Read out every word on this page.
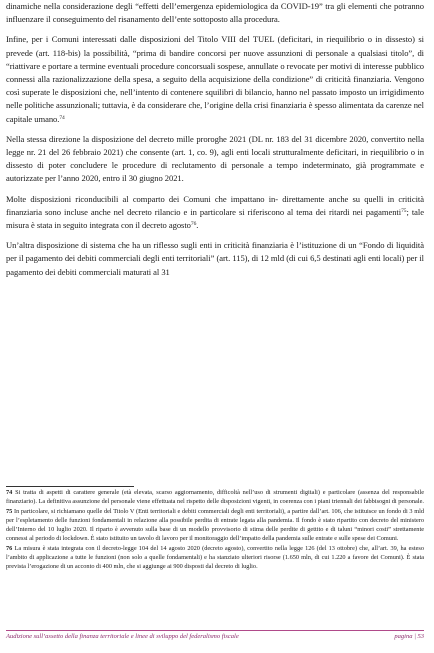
dinamiche nella considerazione degli “effetti dell’emergenza epidemiologica da COVID-19” tra gli elementi che potranno influenzare il conseguimento del risanamento dell’ente sottoposto alla procedura.

Infine, per i Comuni interessati dalle disposizioni del Titolo VIII del TUEL (deficitari, in riequilibrio o in dissesto) si prevede (art. 118-bis) la possibilità, “prima di bandire concorsi per nuove assunzioni di personale a qualsiasi titolo”, di “riattivare e portare a termine eventuali procedure concorsuali sospese, annullate o revocate per motivi di interesse pubblico connessi alla razionalizzazione della spesa, a seguito della acquisizione della condizione” di criticità finanziaria. Vengono così superate le disposizioni che, nell’intento di contenere squilibri di bilancio, hanno nel passato imposto un irrigidimento nelle politiche assunzionali; tuttavia, è da considerare che, l’origine della crisi finanziaria è spesso alimentata da carenze nel capitale umano.$^{74}$

Nella stessa direzione la disposizione del decreto mille proroghe 2021 (DL nr. 183 del 31 dicembre 2020, convertito nella legge nr. 21 del 26 febbraio 2021) che consente (art. 1, co. 9), agli enti locali strutturalmente deficitari, in riequilibrio o in dissesto di poter concludere le procedure di reclutamento di personale a tempo indeterminato, già programmate e autorizzate per l’anno 2020, entro il 30 giugno 2021.

Molte disposizioni riconducibili al comparto dei Comuni che impattano in- direttamente anche su quelli in criticità finanziaria sono incluse anche nel decreto rilancio e in particolare si riferiscono al tema dei ritardi nei pagamenti$^{75}$; tale misura è stata in seguito integrata con il decreto agosto$^{76}$.

Un’altra disposizione di sistema che ha un riflesso sugli enti in criticità finanziaria è l’istituzione di un “Fondo di liquidità per il pagamento dei debiti commerciali degli enti territoriali” (art. 115), di 12 mld (di cui 6,5 destinati agli enti locali) per il pagamento dei debiti commerciali maturati al 31

74 Si tratta di aspetti di carattere generale (età elevata, scarso aggiornamento, difficoltà nell’uso di strumenti digitali) e particolare (assenza del responsabile finanziario). La definitiva assunzione del personale viene effettuata nel rispetto delle disposizioni vigenti, in coerenza con i piani triennali dei fabbisogni di personale.

75 In particolare, si richiamano quelle del Titolo V (Enti territoriali e debiti commerciali degli enti territoriali), a partire dall’art. 106, che istituisce un fondo di 3 mld per l’espletamento delle funzioni fondamentali in relazione alla possibile perdita di entrate legata alla pandemia. Il fondo è stato ripartito con decreto del ministero dell’Interno del 10 luglio 2020. Il riparto è avvenuto sulla base di un modello provvisorio di stima delle perdite di gettito e di taluni “minori costi” strettamente connessi al periodo di lockdown. È stato istituito un tavolo di lavoro per il monitoraggio dell’impatto della pandemia sulle entrate e sulle spese dei Comuni.

76 La misura è stata integrata con il decreto-legge 104 del 14 agosto 2020 (decreto agosto), convertito nella legge 126 (del 13 ottobre) che, all’art. 39, ha esteso l’ambito di applicazione a tutte le funzioni (non solo a quelle fondamentali) e ha stanziato ulteriori risorse (1.650 mln, di cui 1.220 a favore dei Comuni). È stata prevista l’erogazione di un acconto di 400 mln, che si aggiunge ai 900 disposti dal decreto di luglio.

Audizione sull’assetto della finanza territoriale e linee di sviluppo del federalismo fiscale	pagina | 53
